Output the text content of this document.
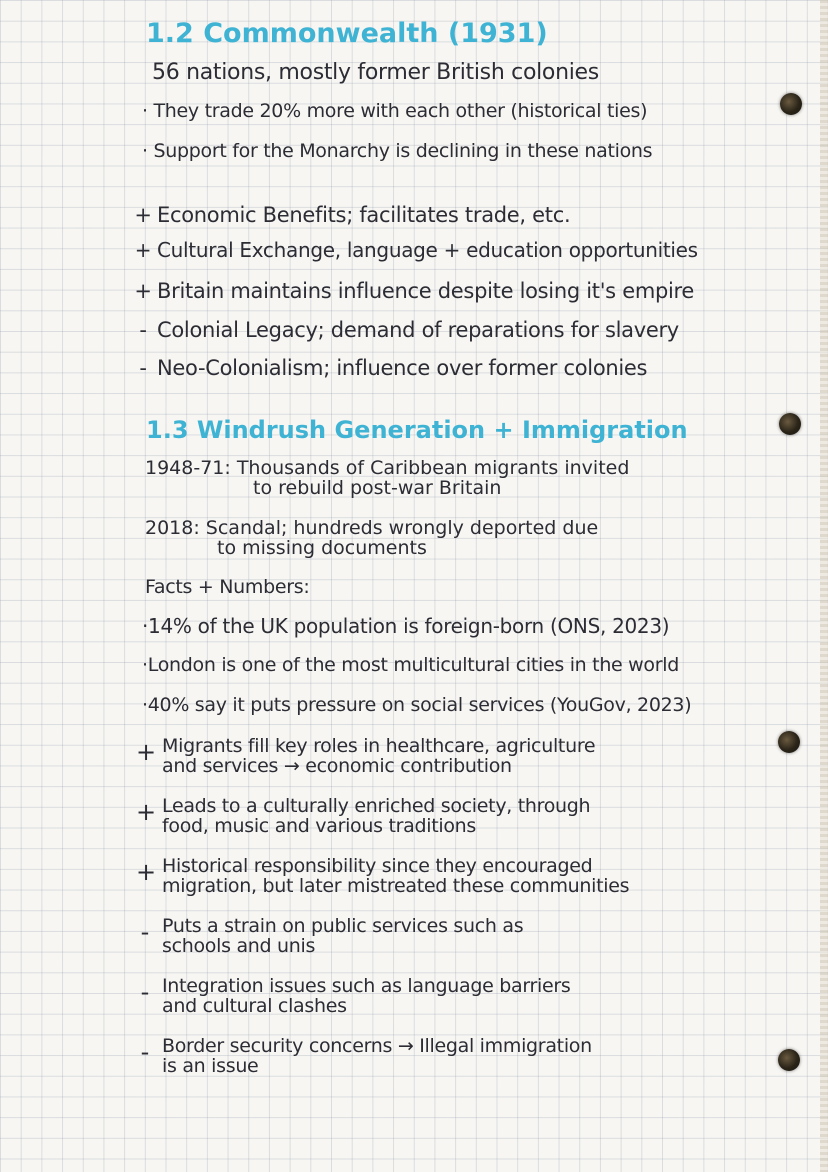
1.2 Commonwealth (1931)
56 nations, mostly former British colonies
· They trade 20% more with each other (historical ties)
· Support for the Monarchy is declining in these nations
+ Economic Benefits; facilitates trade, etc.
+ Cultural Exchange, language + education opportunities
+ Britain maintains influence despite losing it's empire
- Colonial Legacy; demand of reparations for slavery
- Neo-Colonialism; influence over former colonies
1.3 Windrush Generation + Immigration
1948-71: Thousands of Caribbean migrants invited
to rebuild post-war Britain
2018: Scandal; hundreds wrongly deported due
to missing documents
Facts + Numbers:
·14% of the UK population is foreign-born (ONS, 2023)
·London is one of the most multicultural cities in the world
·40% say it puts pressure on social services (YouGov, 2023)
+ Migrants fill key roles in healthcare, agriculture
and services → economic contribution
+ Leads to a culturally enriched society, through
food, music and various traditions
+ Historical responsibility since they encouraged
migration, but later mistreated these communities
- Puts a strain on public services such as
schools and unis
- Integration issues such as language barriers
and cultural clashes
- Border security concerns → Illegal immigration
is an issue
